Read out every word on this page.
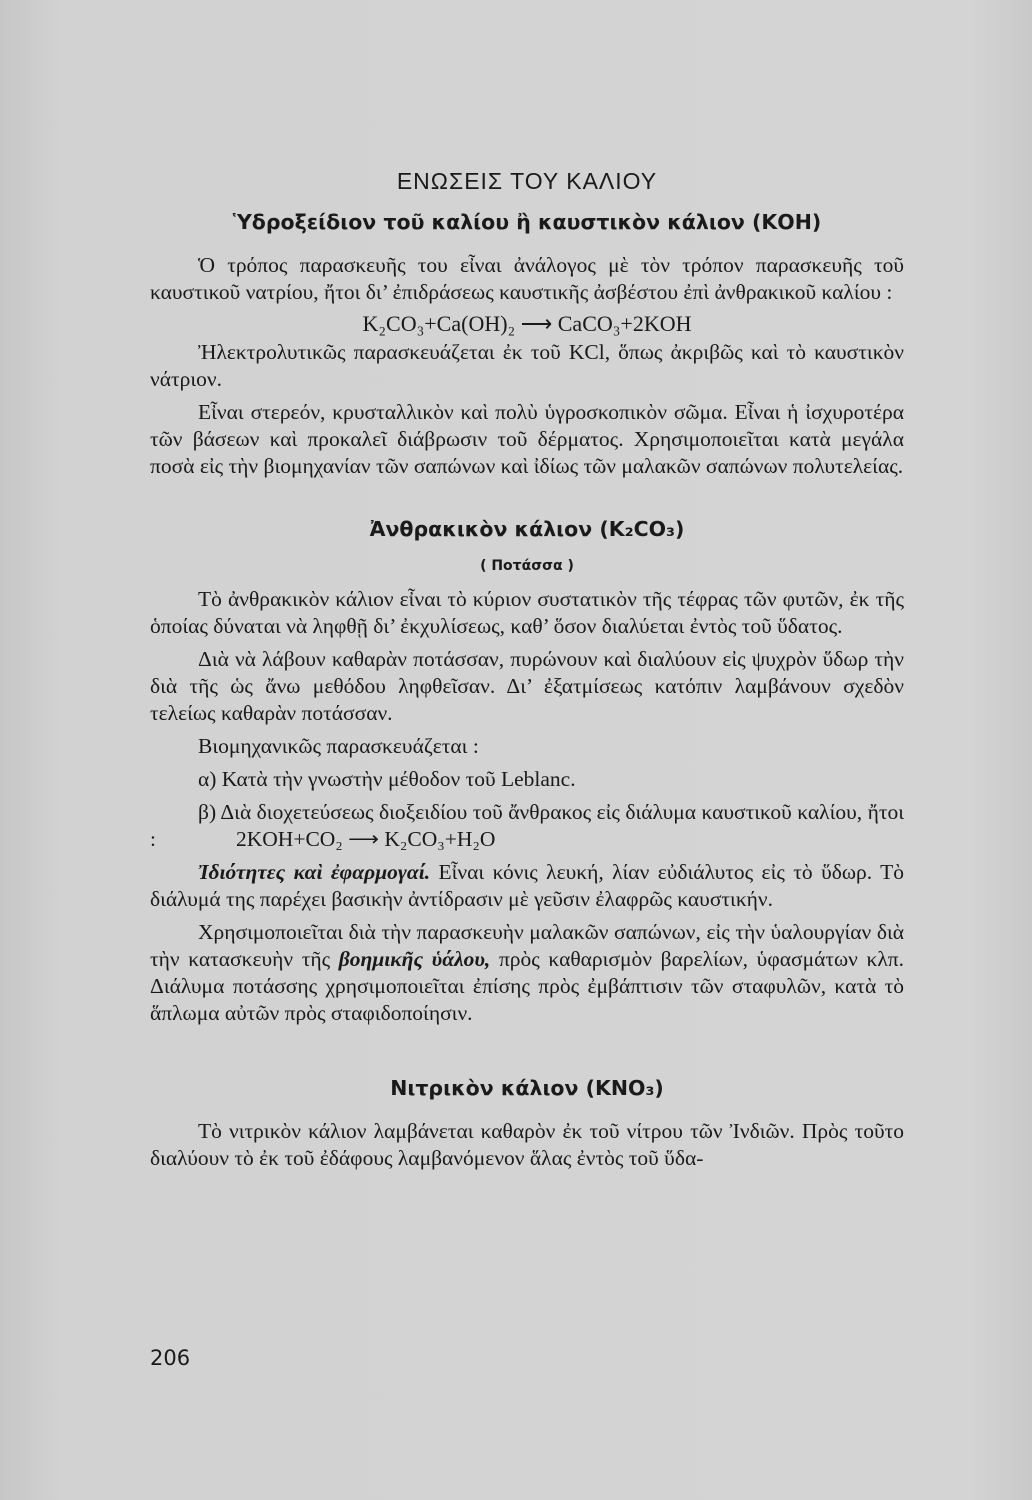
ΕΝΩΣΕΙΣ ΤΟΥ ΚΑΛΙΟΥ
Ὑδροξείδιον τοῦ καλίου ἢ καυστικὸν κάλιον (ΚΟΗ)

Ὁ τρόπος παρασκευῆς του εἶναι ἀνάλογος μὲ τὸν τρόπον παρασκευῆς τοῦ καυστικοῦ νατρίου, ἤτοι δι’ ἐπιδράσεως καυστικῆς ἀσβέστου ἐπὶ ἀνθρακικοῦ καλίου :

K₂CO₃+Ca(OH)₂ ⟶ CaCO₃+2KOH

Ἠλεκτρολυτικῶς παρασκευάζεται ἐκ τοῦ KCl, ὅπως ἀκριβῶς καὶ τὸ καυστικὸν νάτριον.

Εἶναι στερεόν, κρυσταλλικὸν καὶ πολὺ ὑγροσκοπικὸν σῶμα. Εἶναι ἡ ἰσχυροτέρα τῶν βάσεων καὶ προκαλεῖ διάβρωσιν τοῦ δέρματος. Χρησιμοποιεῖται κατὰ μεγάλα ποσὰ εἰς τὴν βιομηχανίαν τῶν σαπώνων καὶ ἰδίως τῶν μαλακῶν σαπώνων πολυτελείας.

Ἀνθρακικὸν κάλιον (K₂CO₃)
( Ποτάσσα )

Τὸ ἀνθρακικὸν κάλιον εἶναι τὸ κύριον συστατικὸν τῆς τέφρας τῶν φυτῶν, ἐκ τῆς ὁποίας δύναται νὰ ληφθῇ δι’ ἐκχυλίσεως, καθ’ ὅσον διαλύεται ἐντὸς τοῦ ὕδατος.

Διὰ νὰ λάβουν καθαρὰν ποτάσσαν, πυρώνουν καὶ διαλύουν εἰς ψυχρὸν ὕδωρ τὴν διὰ τῆς ὡς ἄνω μεθόδου ληφθεῖσαν. Δι’ ἐξατμίσεως κατόπιν λαμβάνουν σχεδὸν τελείως καθαρὰν ποτάσσαν.

Βιομηχανικῶς παρασκευάζεται :

α) Κατὰ τὴν γνωστὴν μέθοδον τοῦ Leblanc.

β) Διὰ διοχετεύσεως διοξειδίου τοῦ ἄνθρακος εἰς διάλυμα καυστικοῦ καλίου, ἤτοι :	2KOH+CO₂ ⟶ K₂CO₃+H₂O

Ἰδιότητες καὶ ἐφαρμογαί. Εἶναι κόνις λευκή, λίαν εὐδιάλυτος εἰς τὸ ὕδωρ. Τὸ διάλυμά της παρέχει βασικὴν ἀντίδρασιν μὲ γεῦσιν ἐλαφρῶς καυστικήν.

Χρησιμοποιεῖται διὰ τὴν παρασκευὴν μαλακῶν σαπώνων, εἰς τὴν ὑαλουργίαν διὰ τὴν κατασκευὴν τῆς βοημικῆς ὑάλου, πρὸς καθαρισμὸν βαρελίων, ὑφασμάτων κλπ. Διάλυμα ποτάσσης χρησιμοποιεῖται ἐπίσης πρὸς ἐμβάπτισιν τῶν σταφυλῶν, κατὰ τὸ ἅπλωμα αὐτῶν πρὸς σταφιδοποίησιν.

Νιτρικὸν κάλιον (ΚΝΟ₃)

Τὸ νιτρικὸν κάλιον λαμβάνεται καθαρὸν ἐκ τοῦ νίτρου τῶν Ἰνδιῶν. Πρὸς τοῦτο διαλύουν τὸ ἐκ τοῦ ἐδάφους λαμβανόμενον ἅλας ἐντὸς τοῦ ὕδα-

206
